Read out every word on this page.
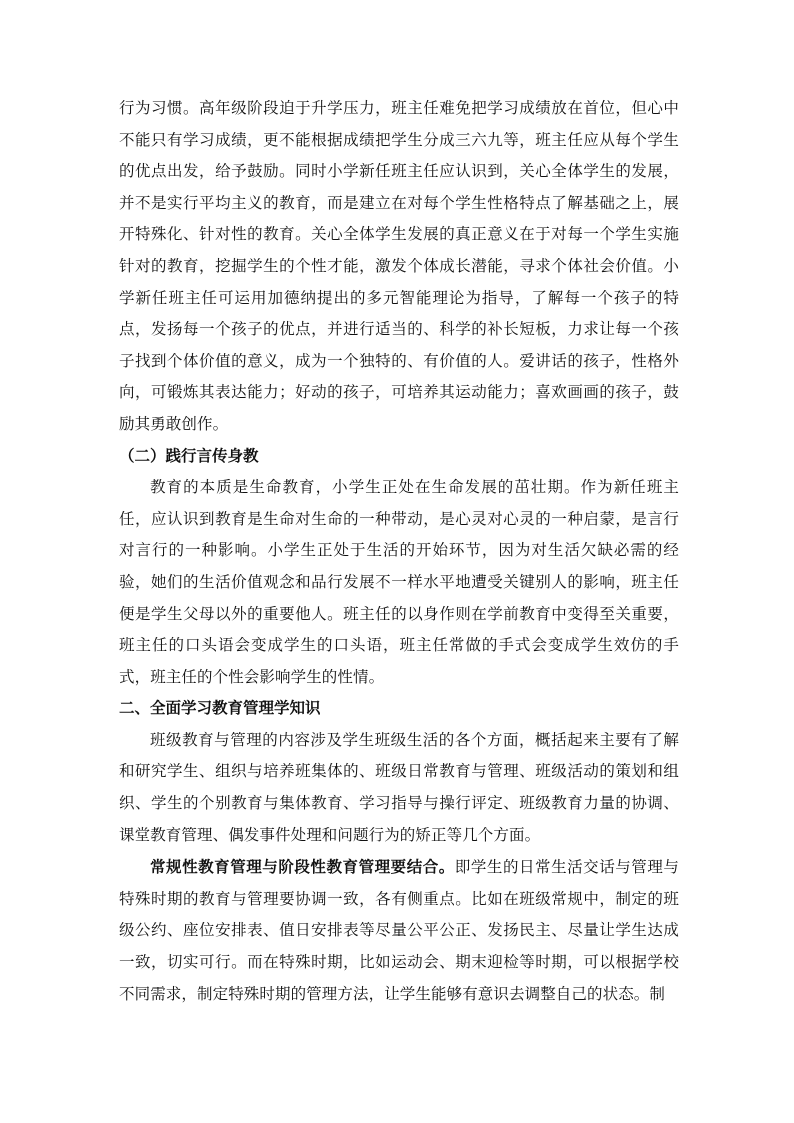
行为习惯。高年级阶段迫于升学压力，班主任难免把学习成绩放在首位，但心中不能只有学习成绩，更不能根据成绩把学生分成三六九等，班主任应从每个学生的优点出发，给予鼓励。同时小学新任班主任应认识到，关心全体学生的发展，并不是实行平均主义的教育，而是建立在对每个学生性格特点了解基础之上，展开特殊化、针对性的教育。关心全体学生发展的真正意义在于对每一个学生实施针对的教育，挖掘学生的个性才能，激发个体成长潜能，寻求个体社会价值。小学新任班主任可运用加德纳提出的多元智能理论为指导，了解每一个孩子的特点，发扬每一个孩子的优点，并进行适当的、科学的补长短板，力求让每一个孩子找到个体价值的意义，成为一个独特的、有价值的人。爱讲话的孩子，性格外向，可锻炼其表达能力；好动的孩子，可培养其运动能力；喜欢画画的孩子，鼓励其勇敢创作。

（二）践行言传身教

教育的本质是生命教育，小学生正处在生命发展的茁壮期。作为新任班主任，应认识到教育是生命对生命的一种带动，是心灵对心灵的一种启蒙，是言行对言行的一种影响。小学生正处于生活的开始环节，因为对生活欠缺必需的经验，她们的生活价值观念和品行发展不一样水平地遭受关键别人的影响，班主任便是学生父母以外的重要他人。班主任的以身作则在学前教育中变得至关重要，班主任的口头语会变成学生的口头语，班主任常做的手式会变成学生效仿的手式，班主任的个性会影响学生的性情。

二、全面学习教育管理学知识

班级教育与管理的内容涉及学生班级生活的各个方面，概括起来主要有了解和研究学生、组织与培养班集体的、班级日常教育与管理、班级活动的策划和组织、学生的个别教育与集体教育、学习指导与操行评定、班级教育力量的协调、课堂教育管理、偶发事件处理和问题行为的矫正等几个方面。

常规性教育管理与阶段性教育管理要结合。即学生的日常生活交话与管理与特殊时期的教育与管理要协调一致，各有侧重点。比如在班级常规中，制定的班级公约、座位安排表、值日安排表等尽量公平公正、发扬民主、尽量让学生达成一致，切实可行。而在特殊时期，比如运动会、期末迎检等时期，可以根据学校不同需求，制定特殊时期的管理方法，让学生能够有意识去调整自己的状态。制
